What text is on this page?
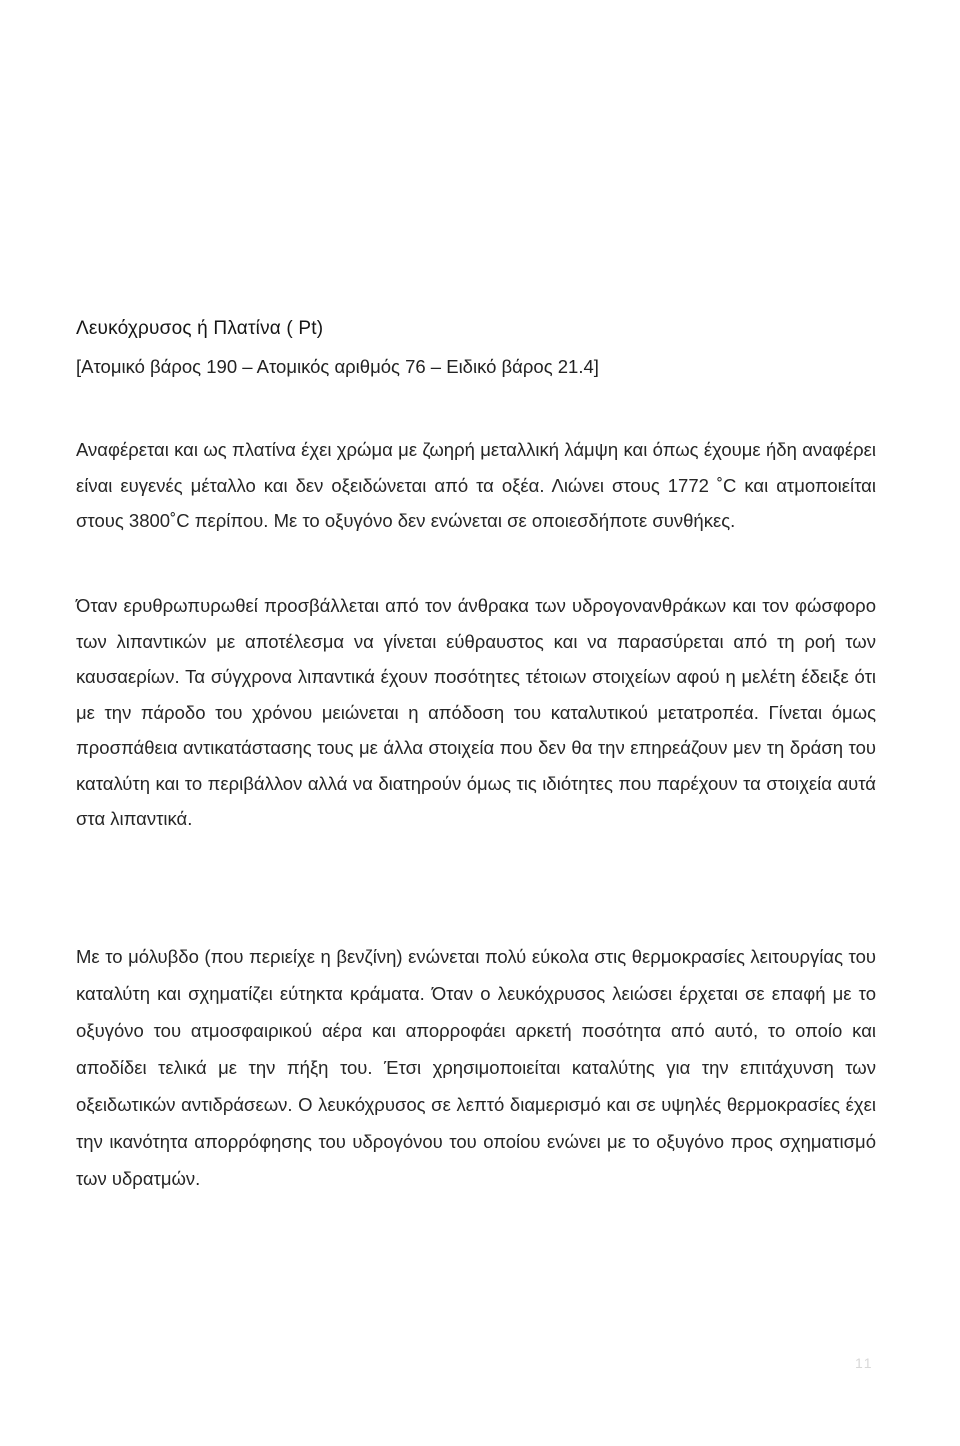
Λευκόχρυσος ή Πλατίνα ( Pt)
[Ατομικό βάρος 190 – Ατομικός αριθμός 76 – Ειδικό βάρος 21.4]

Αναφέρεται και ως πλατίνα έχει χρώμα με ζωηρή μεταλλική λάμψη και όπως έχουμε ήδη αναφέρει είναι ευγενές μέταλλο και δεν οξειδώνεται από τα οξέα. Λιώνει στους 1772 ˚C και ατμοποιείται στους 3800˚C περίπου. Με το οξυγόνο δεν ενώνεται σε οποιεσδήποτε συνθήκες.

Όταν ερυθρωπυρωθεί προσβάλλεται από τον άνθρακα των υδρογονανθράκων και τον φώσφορο των λιπαντικών με αποτέλεσμα να γίνεται εύθραυστος και να παρασύρεται από τη ροή των καυσαερίων. Τα σύγχρονα λιπαντικά έχουν ποσότητες τέτοιων στοιχείων αφού η μελέτη έδειξε ότι με την πάροδο του χρόνου μειώνεται η απόδοση του καταλυτικού μετατροπέα. Γίνεται όμως προσπάθεια αντικατάστασης τους με άλλα στοιχεία που δεν θα την επηρεάζουν μεν τη δράση του καταλύτη και το περιβάλλον αλλά να διατηρούν όμως τις ιδιότητες που παρέχουν τα στοιχεία αυτά στα λιπαντικά.

Με το μόλυβδο (που περιείχε η βενζίνη) ενώνεται πολύ εύκολα στις θερμοκρασίες λειτουργίας του καταλύτη και σχηματίζει εύτηκτα κράματα. Όταν ο λευκόχρυσος λειώσει έρχεται σε επαφή με το οξυγόνο του ατμοσφαιρικού αέρα και απορροφάει αρκετή ποσότητα από αυτό, το οποίο και αποδίδει τελικά με την πήξη του. Έτσι χρησιμοποιείται καταλύτης για την επιτάχυνση των οξειδωτικών αντιδράσεων. Ο λευκόχρυσος σε λεπτό διαμερισμό και σε υψηλές θερμοκρασίες έχει την ικανότητα απορρόφησης του υδρογόνου του οποίου ενώνει με το οξυγόνο προς σχηματισμό των υδρατμών.

11
